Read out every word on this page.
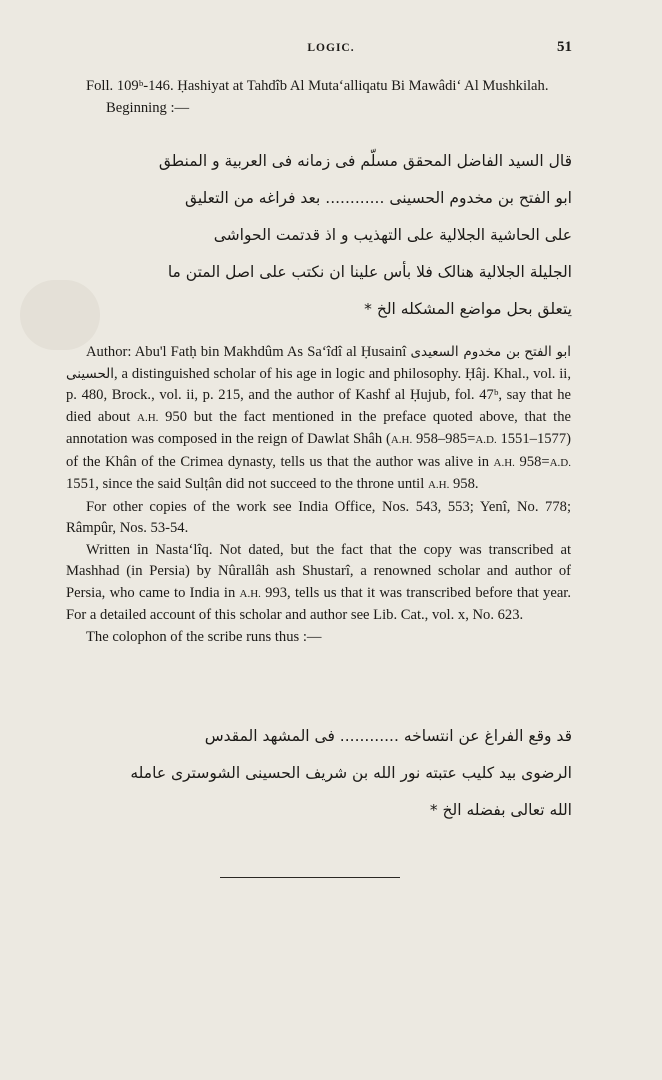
LOGIC.	51

Foll. 109ᵇ-146. Ḥashiyat at Tahdîb Al Muta‘alliqatu Bi Mawâdi‘ Al Mushkilah.

Beginning :—

قال السيد الفاضل المحقق مسلّم فی زمانه فی العربية و المنطق
ابو الفتح بن مخدوم الحسينی ............ بعد فراغه من التعليق
علی الحاشية الجلالية علی التهذيب و اذ قدتمت الحواشی
الجليلة الجلالية هنالک فلا بأس علينا ان نكتب علی اصل المتن ما
يتعلق بحل مواضع المشكله الخ *

Author: Abu'l Fatḥ bin Makhdûm As Sa‘îdî al Ḥusainî	ابو الفتح بن مخدوم السعيدی الحسينی, a distinguished scholar of his age in logic and philosophy. Ḥâj. Khal., vol. ii, p. 480, Brock., vol. ii, p. 215, and the author of Kashf al Ḥujub, fol. 47ᵇ, say that he died about A.H. 950 but the fact mentioned in the preface quoted above, that the annotation was composed in the reign of Dawlat Shâh (A.H. 958–985=A.D. 1551–1577) of the Khân of the Crimea dynasty, tells us that the author was alive in A.H. 958=A.D. 1551, since the said Sulṭân did not succeed to the throne until A.H. 958.

For other copies of the work see India Office, Nos. 543, 553; Yenî, No. 778; Râmpûr, Nos. 53-54.

Written in Nasta‘lîq. Not dated, but the fact that the copy was transcribed at Mashhad (in Persia) by Nûrallâh ash Shustarî, a renowned scholar and author of Persia, who came to India in A.H. 993, tells us that it was transcribed before that year. For a detailed account of this scholar and author see Lib. Cat., vol. x, No. 623.

The colophon of the scribe runs thus :—

قد وقع الفراغ عن انتساخه ............ فی المشهد المقدس
الرضوی بيد کليب عتبته نور الله بن شريف الحسينی الشوستری عامله
الله تعالی بفضله الخ *
